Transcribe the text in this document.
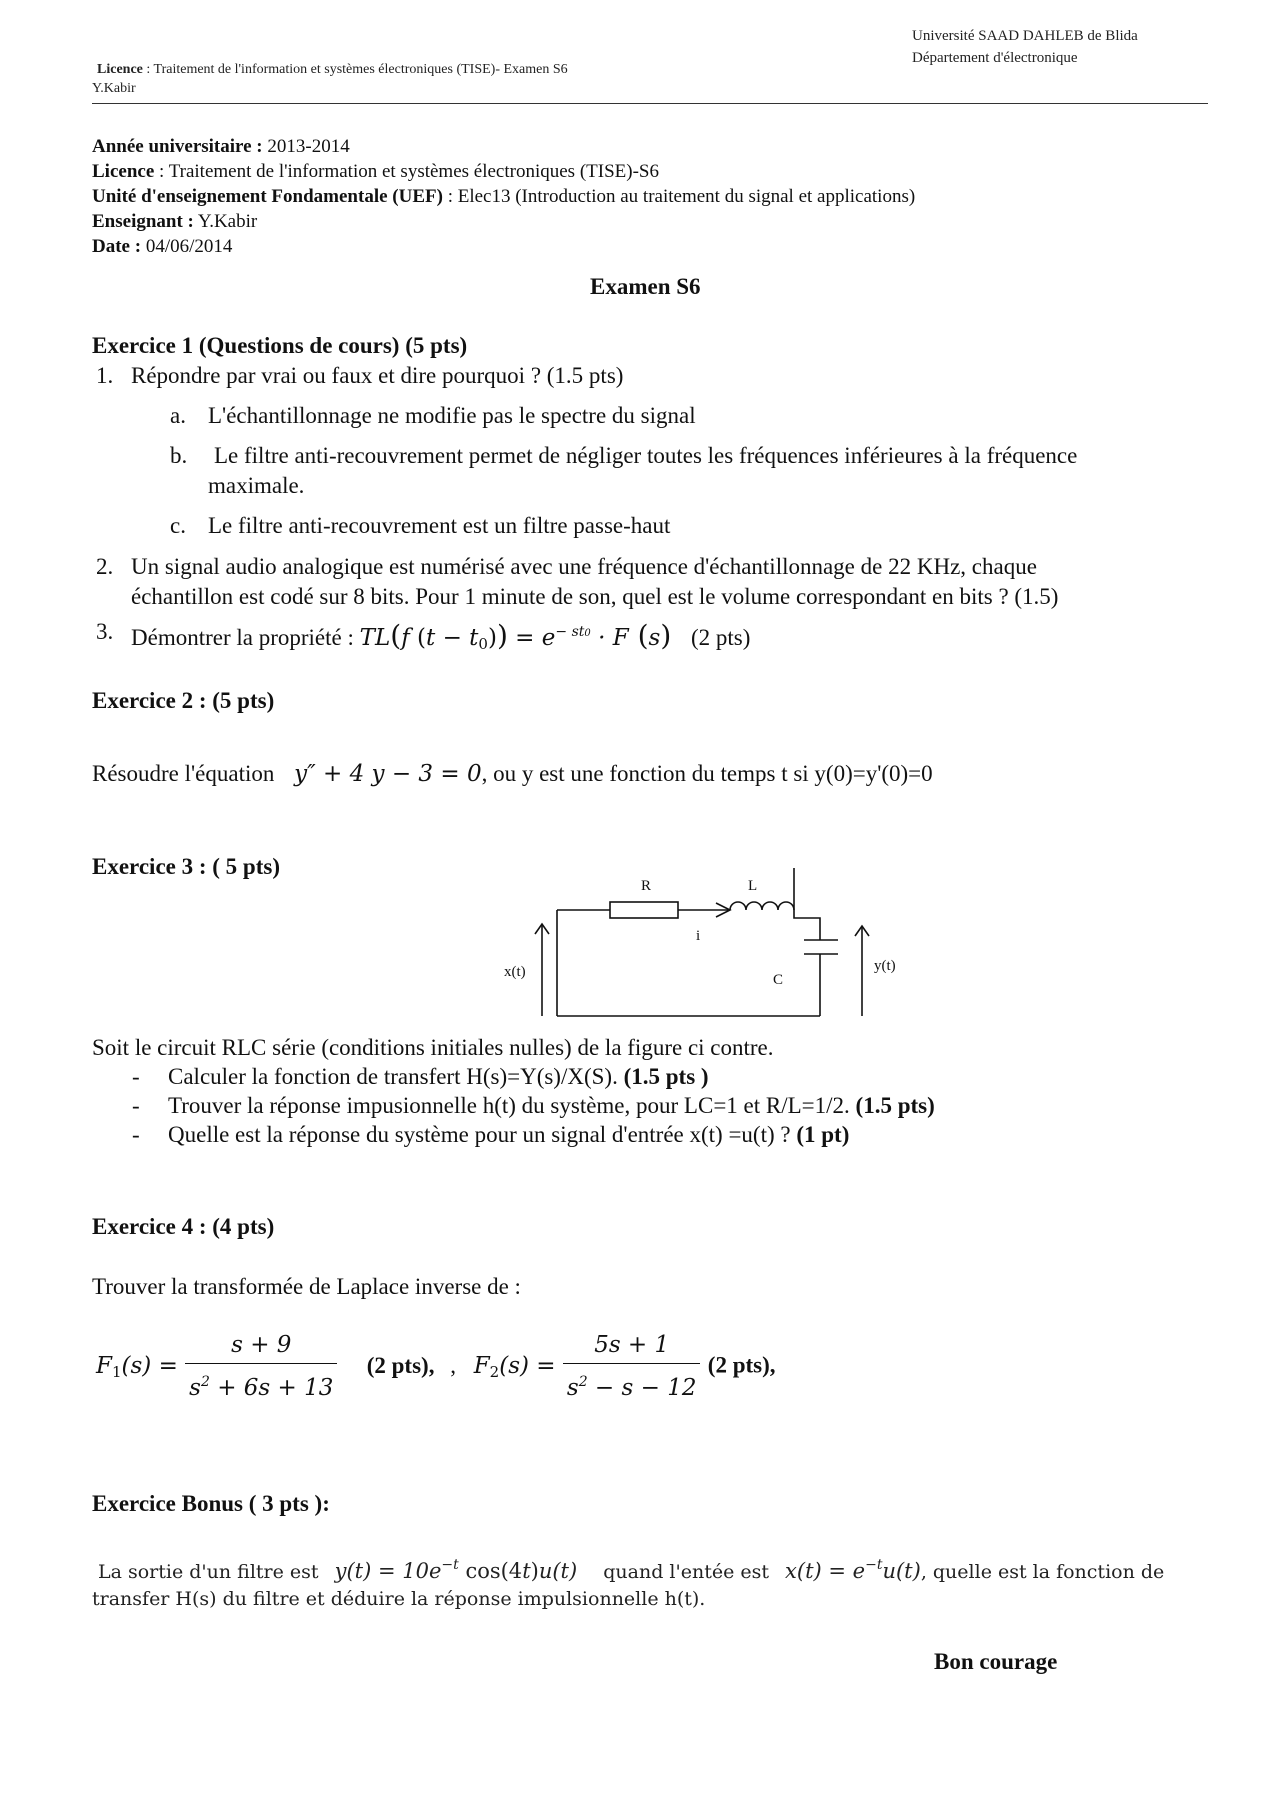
Licence : Traitement de l'information et systèmes électroniques (TISE)- Examen S6
Y.Kabir
Université SAAD DAHLEB de Blida
Département d'électronique
Année universitaire : 2013-2014
Licence : Traitement de l'information et systèmes électroniques (TISE)-S6
Unité d'enseignement Fondamentale (UEF) : Elec13 (Introduction au traitement du signal et applications)
Enseignant : Y.Kabir
Date : 04/06/2014
Examen S6
Exercice 1 (Questions de cours) (5 pts)
1. Répondre par vrai ou faux et dire pourquoi ? (1.5 pts)
a. L'échantillonnage ne modifie pas le spectre du signal
b. Le filtre anti-recouvrement permet de négliger toutes les fréquences inférieures à la fréquence
maximale.
c. Le filtre anti-recouvrement est un filtre passe-haut
2. Un signal audio analogique est numérisé avec une fréquence d'échantillonnage de 22 KHz, chaque
échantillon est codé sur 8 bits. Pour 1 minute de son, quel est le volume correspondant en bits ? (1.5)
3. Démontrer la propriété : TL(f $(t - t_0)) = e^{- st0} \cdot F$ (s) (2 pts)
Exercice 2 : (5 pts)
Résoudre l'équation y″ + 4 y − 3 = 0, ou y est une fonction du temps t si y(0)=y'(0)=0
Exercice 3 : ( 5 pts)
R	L
i
C
x(t)	y(t)
Soit le circuit RLC série (conditions initiales nulles) de la figure ci contre.
- Calculer la fonction de transfert H(s)=Y(s)/X(S). (1.5 pts )
- Trouver la réponse impusionnelle h(t) du système, pour LC=1 et R/L=1/2. (1.5 pts)
- Quelle est la réponse du système pour un signal d'entrée x(t) =u(t) ? (1 pt)
Exercice 4 : (4 pts)
Trouver la transformée de Laplace inverse de :
$F_1(s) = \frac{s + 9}{s^2 + 6s + 13} (2$ pts), , $F_2(s) = \frac{5s + 1}{s^2 - s - 12} (2$ pts),
Exercice Bonus ( 3 pts ):
La sortie d'un filtre est $y(t) = 10e^{-t}$ cos(4t)u(t) quand l'entée est $x(t) = e^{-t}u(t)$, quelle est la fonction de
transfer H(s) du filtre et déduire la réponse impulsionnelle h(t).
Bon courage
